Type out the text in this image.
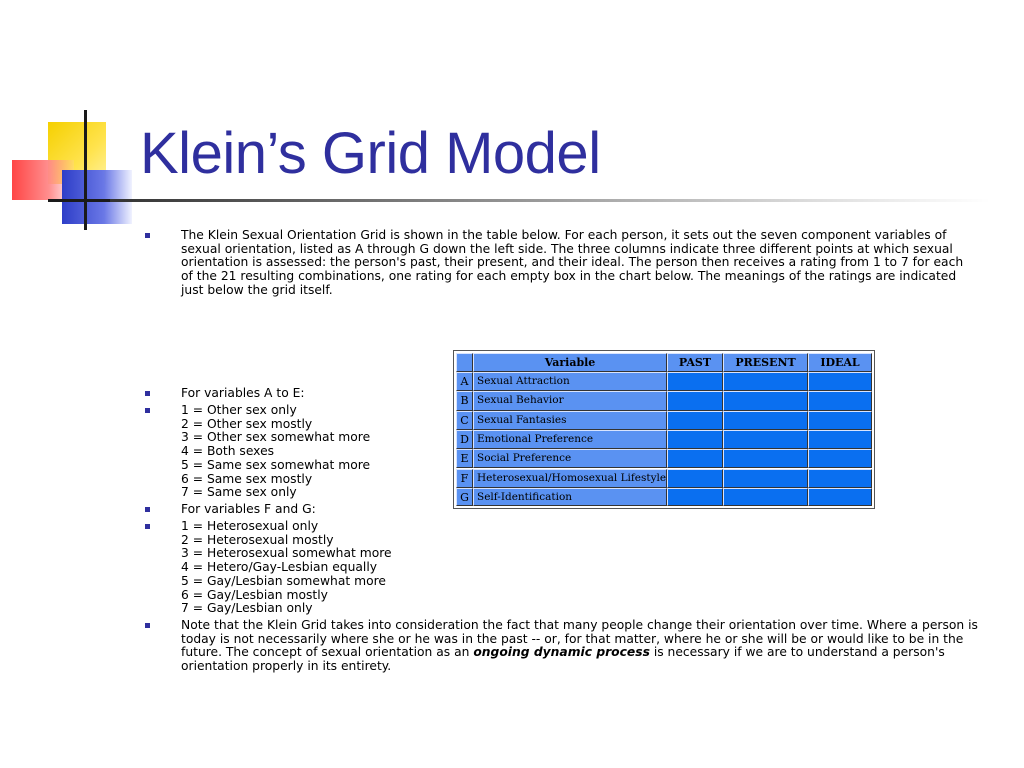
Klein’s Grid Model
The Klein Sexual Orientation Grid is shown in the table below. For each person, it sets out the seven component variables of
sexual orientation, listed as A through G down the left side. The three columns indicate three different points at which sexual
orientation is assessed: the person's past, their present, and their ideal. The person then receives a rating from 1 to 7 for each
of the 21 resulting combinations, one rating for each empty box in the chart below. The meanings of the ratings are indicated
just below the grid itself.
For variables A to E:
1 = Other sex only
2 = Other sex mostly
3 = Other sex somewhat more
4 = Both sexes
5 = Same sex somewhat more
6 = Same sex mostly
7 = Same sex only
For variables F and G:
1 = Heterosexual only
2 = Heterosexual mostly
3 = Heterosexual somewhat more
4 = Hetero/Gay-Lesbian equally
5 = Gay/Lesbian somewhat more
6 = Gay/Lesbian mostly
7 = Gay/Lesbian only
Note that the Klein Grid takes into consideration the fact that many people change their orientation over time. Where a person is
today is not necessarily where she or he was in the past -- or, for that matter, where he or she will be or would like to be in the
future. The concept of sexual orientation as an ongoing dynamic process is necessary if we are to understand a person's
orientation properly in its entirety.
Variable	PAST	PRESENT	IDEAL
A Sexual Attraction
B Sexual Behavior
C Sexual Fantasies
D Emotional Preference
E Social Preference
F Heterosexual/Homosexual Lifestyle
G Self-Identification
